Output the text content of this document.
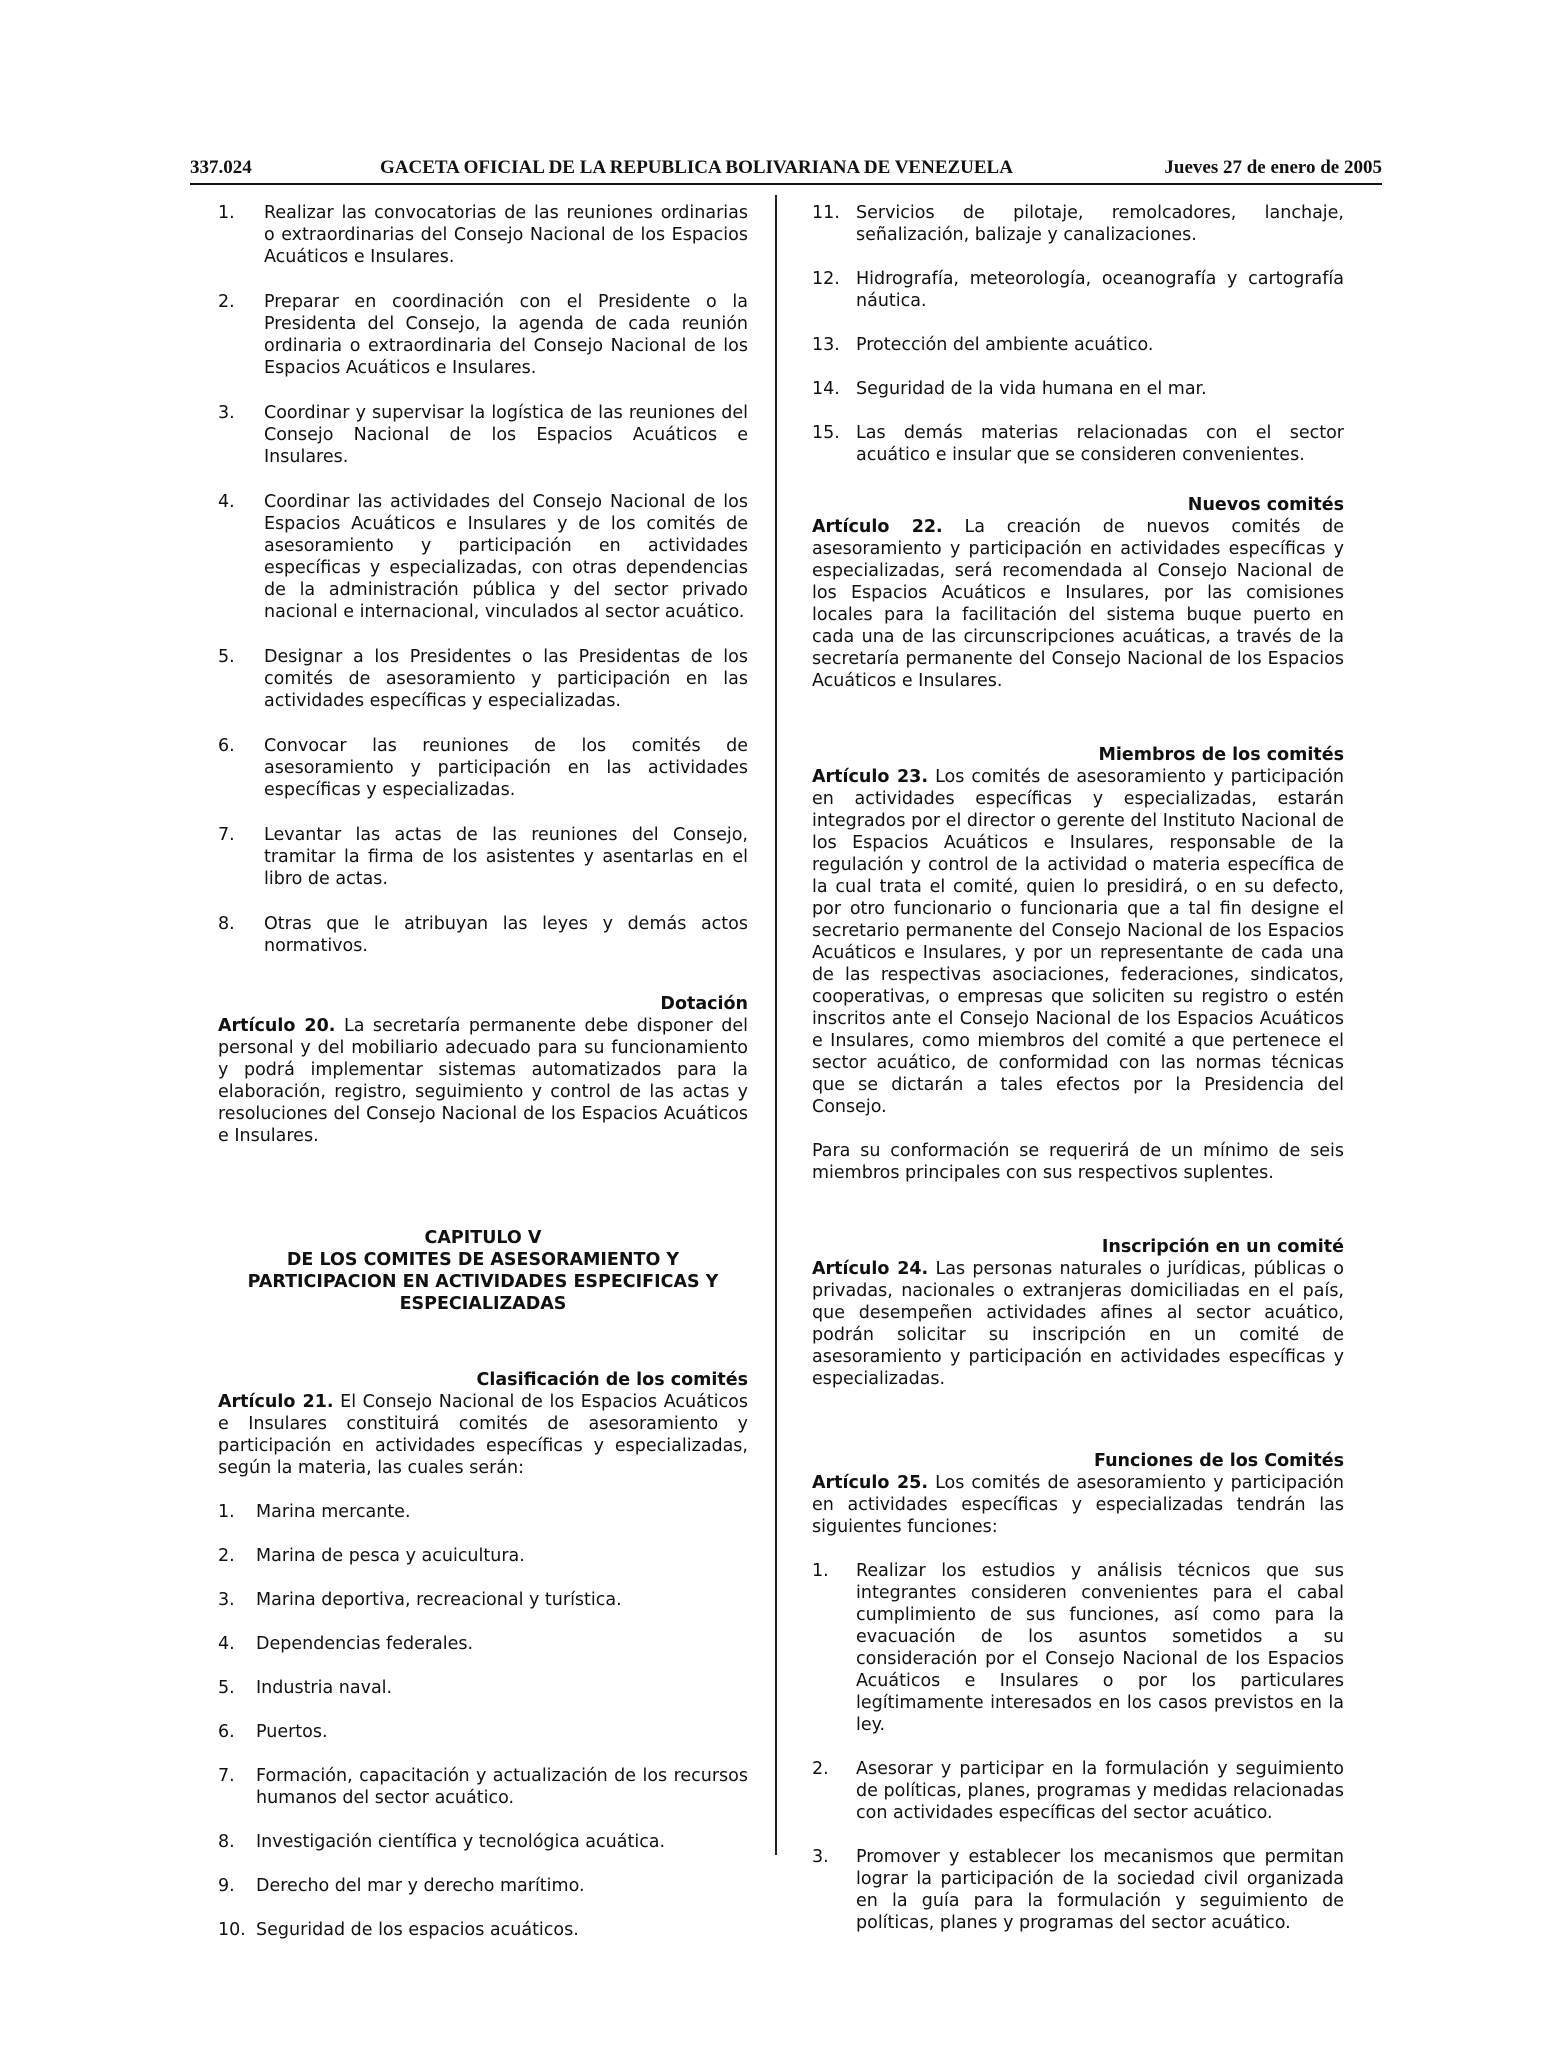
337.024	GACETA OFICIAL DE LA REPUBLICA BOLIVARIANA DE VENEZUELA	Jueves 27 de enero de 2005
1. Realizar las convocatorias de las reuniones ordinarias o extraordinarias del Consejo Nacional de los Espacios Acuáticos e Insulares.
2. Preparar en coordinación con el Presidente o la Presidenta del Consejo, la agenda de cada reunión ordinaria o extraordinaria del Consejo Nacional de los Espacios Acuáticos e Insulares.
3. Coordinar y supervisar la logística de las reuniones del Consejo Nacional de los Espacios Acuáticos e Insulares.
4. Coordinar las actividades del Consejo Nacional de los Espacios Acuáticos e Insulares y de los comités de asesoramiento y participación en actividades específicas y especializadas, con otras dependencias de la administración pública y del sector privado nacional e internacional, vinculados al sector acuático.
5. Designar a los Presidentes o las Presidentas de los comités de asesoramiento y participación en las actividades específicas y especializadas.
6. Convocar las reuniones de los comités de asesoramiento y participación en las actividades específicas y especializadas.
7. Levantar las actas de las reuniones del Consejo, tramitar la firma de los asistentes y asentarlas en el libro de actas.
8. Otras que le atribuyan las leyes y demás actos normativos.

Dotación

Artículo 20. La secretaría permanente debe disponer del personal y del mobiliario adecuado para su funcionamiento y podrá implementar sistemas automatizados para la elaboración, registro, seguimiento y control de las actas y resoluciones del Consejo Nacional de los Espacios Acuáticos e Insulares.

CAPITULO V
DE LOS COMITES DE ASESORAMIENTO Y
PARTICIPACION EN ACTIVIDADES ESPECIFICAS Y
ESPECIALIZADAS

Clasificación de los comités

Artículo 21. El Consejo Nacional de los Espacios Acuáticos e Insulares constituirá comités de asesoramiento y participación en actividades específicas y especializadas, según la materia, las cuales serán:

1. Marina mercante.
2. Marina de pesca y acuicultura.
3. Marina deportiva, recreacional y turística.
4. Dependencias federales.
5. Industria naval.
6. Puertos.
7. Formación, capacitación y actualización de los recursos humanos del sector acuático.
8. Investigación científica y tecnológica acuática.
9. Derecho del mar y derecho marítimo.
10. Seguridad de los espacios acuáticos.
11. Servicios de pilotaje, remolcadores, lanchaje, señalización, balizaje y canalizaciones.
12. Hidrografía, meteorología, oceanografía y cartografía náutica.
13. Protección del ambiente acuático.
14. Seguridad de la vida humana en el mar.
15. Las demás materias relacionadas con el sector acuático e insular que se consideren convenientes.

Nuevos comités

Artículo 22. La creación de nuevos comités de asesoramiento y participación en actividades específicas y especializadas, será recomendada al Consejo Nacional de los Espacios Acuáticos e Insulares, por las comisiones locales para la facilitación del sistema buque puerto en cada una de las circunscripciones acuáticas, a través de la secretaría permanente del Consejo Nacional de los Espacios Acuáticos e Insulares.

Miembros de los comités

Artículo 23. Los comités de asesoramiento y participación en actividades específicas y especializadas, estarán integrados por el director o gerente del Instituto Nacional de los Espacios Acuáticos e Insulares, responsable de la regulación y control de la actividad o materia específica de la cual trata el comité, quien lo presidirá, o en su defecto, por otro funcionario o funcionaria que a tal fin designe el secretario permanente del Consejo Nacional de los Espacios Acuáticos e Insulares, y por un representante de cada una de las respectivas asociaciones, federaciones, sindicatos, cooperativas, o empresas que soliciten su registro o estén inscritos ante el Consejo Nacional de los Espacios Acuáticos e Insulares, como miembros del comité a que pertenece el sector acuático, de conformidad con las normas técnicas que se dictarán a tales efectos por la Presidencia del Consejo.

Para su conformación se requerirá de un mínimo de seis miembros principales con sus respectivos suplentes.

Inscripción en un comité

Artículo 24. Las personas naturales o jurídicas, públicas o privadas, nacionales o extranjeras domiciliadas en el país, que desempeñen actividades afines al sector acuático, podrán solicitar su inscripción en un comité de asesoramiento y participación en actividades específicas y especializadas.

Funciones de los Comités

Artículo 25. Los comités de asesoramiento y participación en actividades específicas y especializadas tendrán las siguientes funciones:

1. Realizar los estudios y análisis técnicos que sus integrantes consideren convenientes para el cabal cumplimiento de sus funciones, así como para la evacuación de los asuntos sometidos a su consideración por el Consejo Nacional de los Espacios Acuáticos e Insulares o por los particulares legítimamente interesados en los casos previstos en la ley.
2. Asesorar y participar en la formulación y seguimiento de políticas, planes, programas y medidas relacionadas con actividades específicas del sector acuático.
3. Promover y establecer los mecanismos que permitan lograr la participación de la sociedad civil organizada en la guía para la formulación y seguimiento de políticas, planes y programas del sector acuático.
